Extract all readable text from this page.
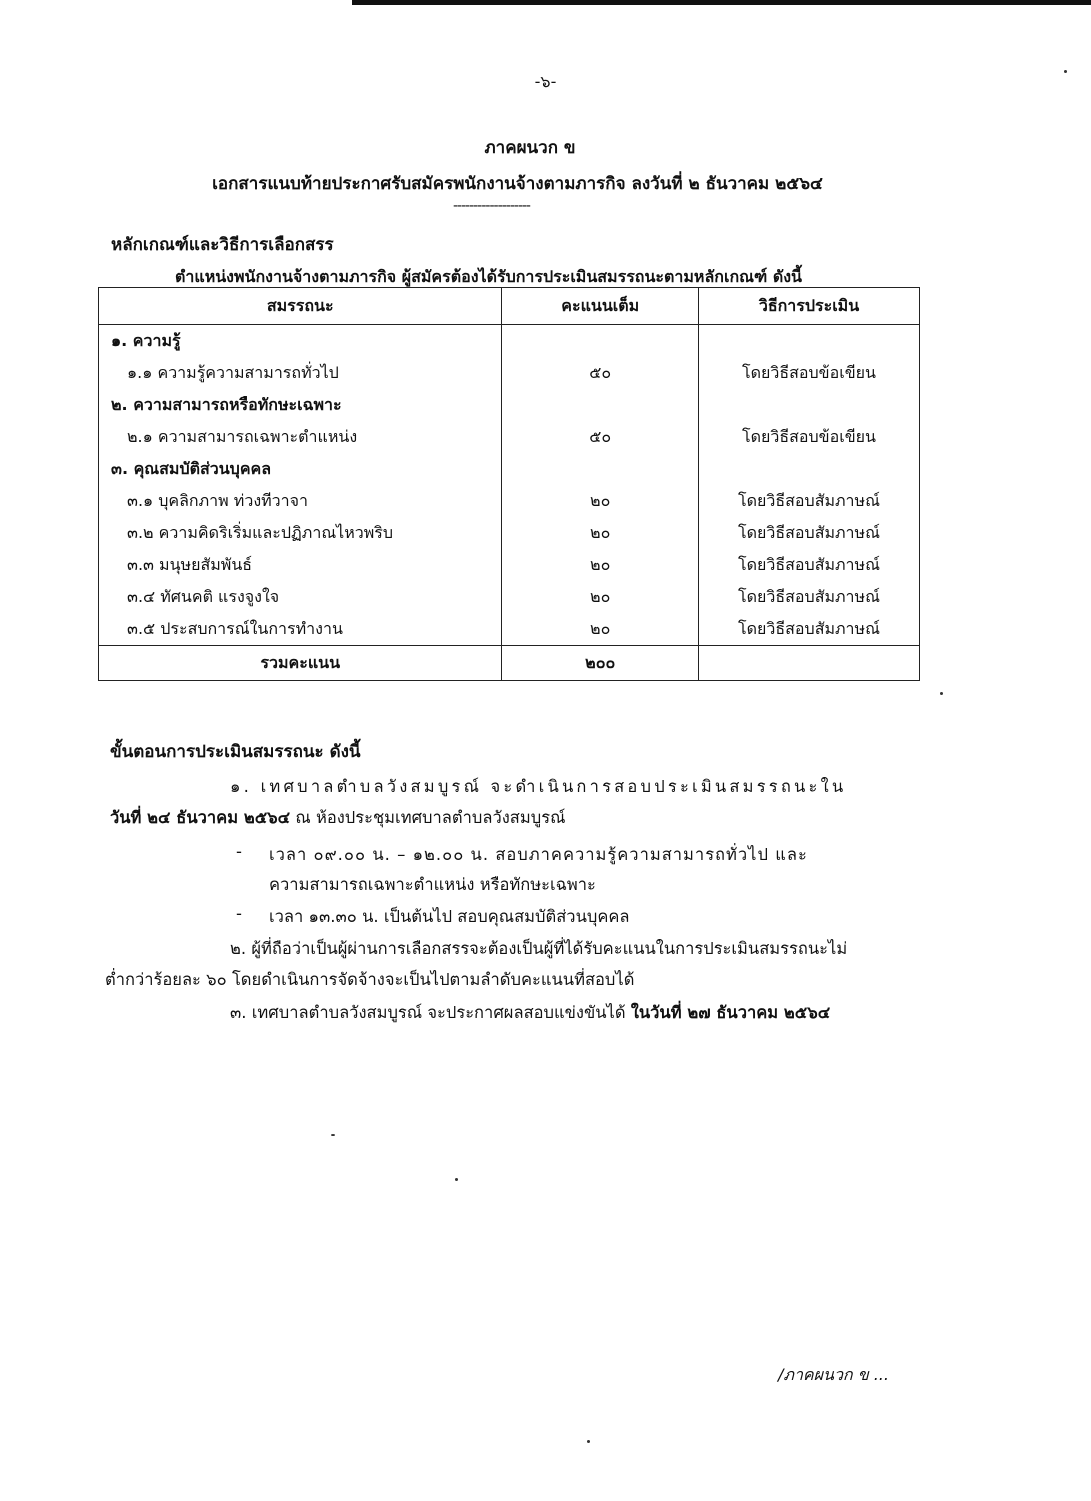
-๖-
ภาคผนวก ข
เอกสารแนบท้ายประกาศรับสมัครพนักงานจ้างตามภารกิจ ลงวันที่ ๒ ธันวาคม ๒๕๖๔
-------------------
หลักเกณฑ์และวิธีการเลือกสรร
ตำแหน่งพนักงานจ้างตามภารกิจ ผู้สมัครต้องได้รับการประเมินสมรรถนะตามหลักเกณฑ์ ดังนี้
สมรรถนะ	คะแนนเต็ม	วิธีการประเมิน
๑. ความรู้		
๑.๑ ความรู้ความสามารถทั่วไป	๕๐	โดยวิธีสอบข้อเขียน
๒. ความสามารถหรือทักษะเฉพาะ		
๒.๑ ความสามารถเฉพาะตำแหน่ง	๕๐	โดยวิธีสอบข้อเขียน
๓. คุณสมบัติส่วนบุคคล		
๓.๑ บุคลิกภาพ ท่วงทีวาจา	๒๐	โดยวิธีสอบสัมภาษณ์
๓.๒ ความคิดริเริ่มและปฏิภาณไหวพริบ	๒๐	โดยวิธีสอบสัมภาษณ์
๓.๓ มนุษยสัมพันธ์	๒๐	โดยวิธีสอบสัมภาษณ์
๓.๔ ทัศนคติ แรงจูงใจ	๒๐	โดยวิธีสอบสัมภาษณ์
๓.๕ ประสบการณ์ในการทำงาน	๒๐	โดยวิธีสอบสัมภาษณ์
รวมคะแนน	๒๐๐	
ขั้นตอนการประเมินสมรรถนะ ดังนี้
๑. เทศบาลตำบลวังสมบูรณ์ จะดำเนินการสอบประเมินสมรรถนะใน
วันที่ ๒๔ ธันวาคม ๒๕๖๔ ณ ห้องประชุมเทศบาลตำบลวังสมบูรณ์
- เวลา ๐๙.๐๐ น. – ๑๒.๐๐ น. สอบภาคความรู้ความสามารถทั่วไป และ
ความสามารถเฉพาะตำแหน่ง หรือทักษะเฉพาะ
- เวลา ๑๓.๓๐ น. เป็นต้นไป สอบคุณสมบัติส่วนบุคคล
๒. ผู้ที่ถือว่าเป็นผู้ผ่านการเลือกสรรจะต้องเป็นผู้ที่ได้รับคะแนนในการประเมินสมรรถนะไม่
ต่ำกว่าร้อยละ ๖๐ โดยดำเนินการจัดจ้างจะเป็นไปตามลำดับคะแนนที่สอบได้
๓. เทศบาลตำบลวังสมบูรณ์ จะประกาศผลสอบแข่งขันได้ ในวันที่ ๒๗ ธันวาคม ๒๕๖๔
/ภาคผนวก ข ...
